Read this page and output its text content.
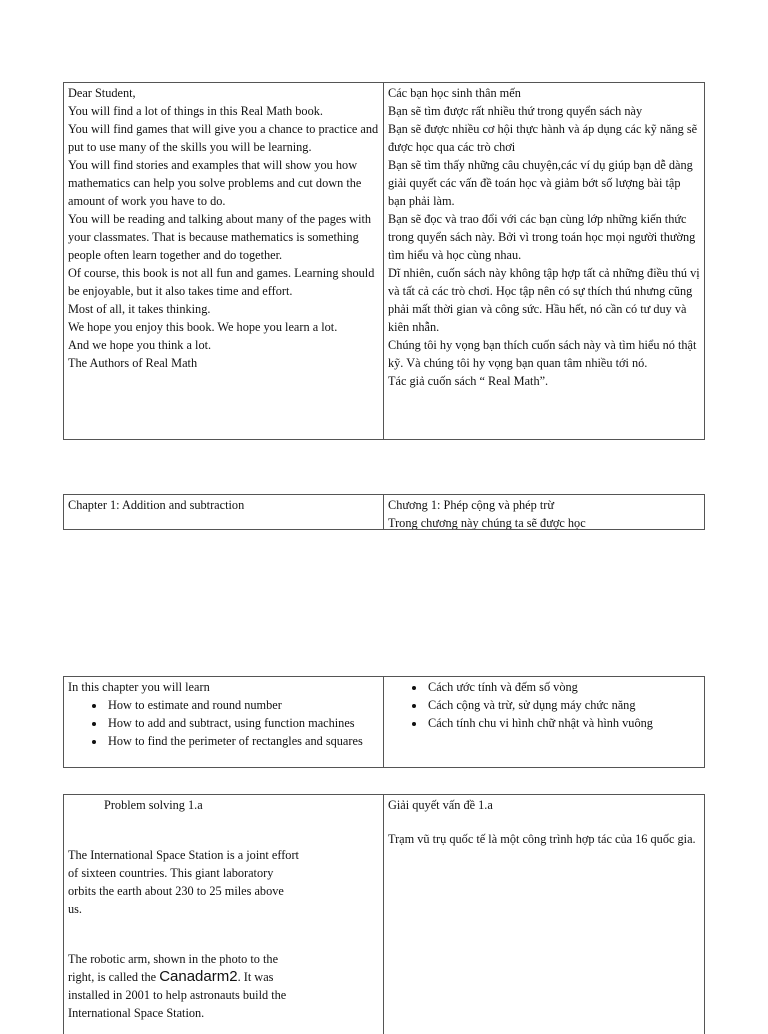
Dear Student,
You will find a lot of things in this Real Math book.
You will find games that will give you a chance to practice and put to use many of the skills you will be learning.
You will find stories and examples that will show you how mathematics can help you solve problems and cut down the amount of work you have to do.
You will be reading and talking about many of the pages with your classmates. That is because mathematics is something people often learn together and do together.
Of course, this book is not all fun and games. Learning should be enjoyable, but it also takes time and effort.
Most of all, it takes thinking.
We hope you enjoy this book. We hope you learn a lot.
And we hope you think a lot.
The Authors of Real Math
Các bạn học sinh thân mến
Bạn sẽ tìm được rất nhiều thứ trong quyển sách này
Bạn sẽ được nhiều cơ hội thực hành và áp dụng các kỹ năng sẽ được học qua các trò chơi
Bạn sẽ tìm thấy những câu chuyện,các ví dụ giúp bạn dễ dàng giải quyết các vấn đề toán học và giảm bớt số lượng bài tập bạn phải làm.
Bạn sẽ đọc và trao đổi với các bạn cùng lớp những kiến thức trong quyển sách này. Bởi vì trong toán học mọi người thường tìm hiểu và học cùng nhau.
Dĩ nhiên, cuốn sách này không tập hợp tất cả những điều thú vị và tất cả các trò chơi. Học tập nên có sự thích thú nhưng cũng phải mất thời gian và công sức. Hầu hết, nó cần có tư duy và kiên nhẫn.
Chúng tôi hy vọng bạn thích cuốn sách này và tìm hiểu nó thật kỹ. Và chúng tôi hy vọng bạn quan tâm nhiều tới nó.
Tác giả cuốn sách “ Real Math”.
Chapter 1: Addition and subtraction	Chương 1: Phép cộng và phép trừ
Trong chương này chúng ta sẽ được học
In this chapter you will learn
• How to estimate and round number
• How to add and subtract, using function machines
• How to find the perimeter of rectangles and squares
• Cách ước tính và đếm số vòng
• Cách cộng và trừ, sử dụng máy chức năng
• Cách tính chu vi hình chữ nhật và hình vuông
Problem solving 1.a
The International Space Station is a joint effort of sixteen countries. This giant laboratory orbits the earth about 230 to 25 miles above us.
The robotic arm, shown in the photo to the right, is called the Canadarm2. It was installed in 2001 to help astronauts build the International Space Station.
Giải quyết vấn đề 1.a
Trạm vũ trụ quốc tế là một công trình hợp tác của 16 quốc gia.
